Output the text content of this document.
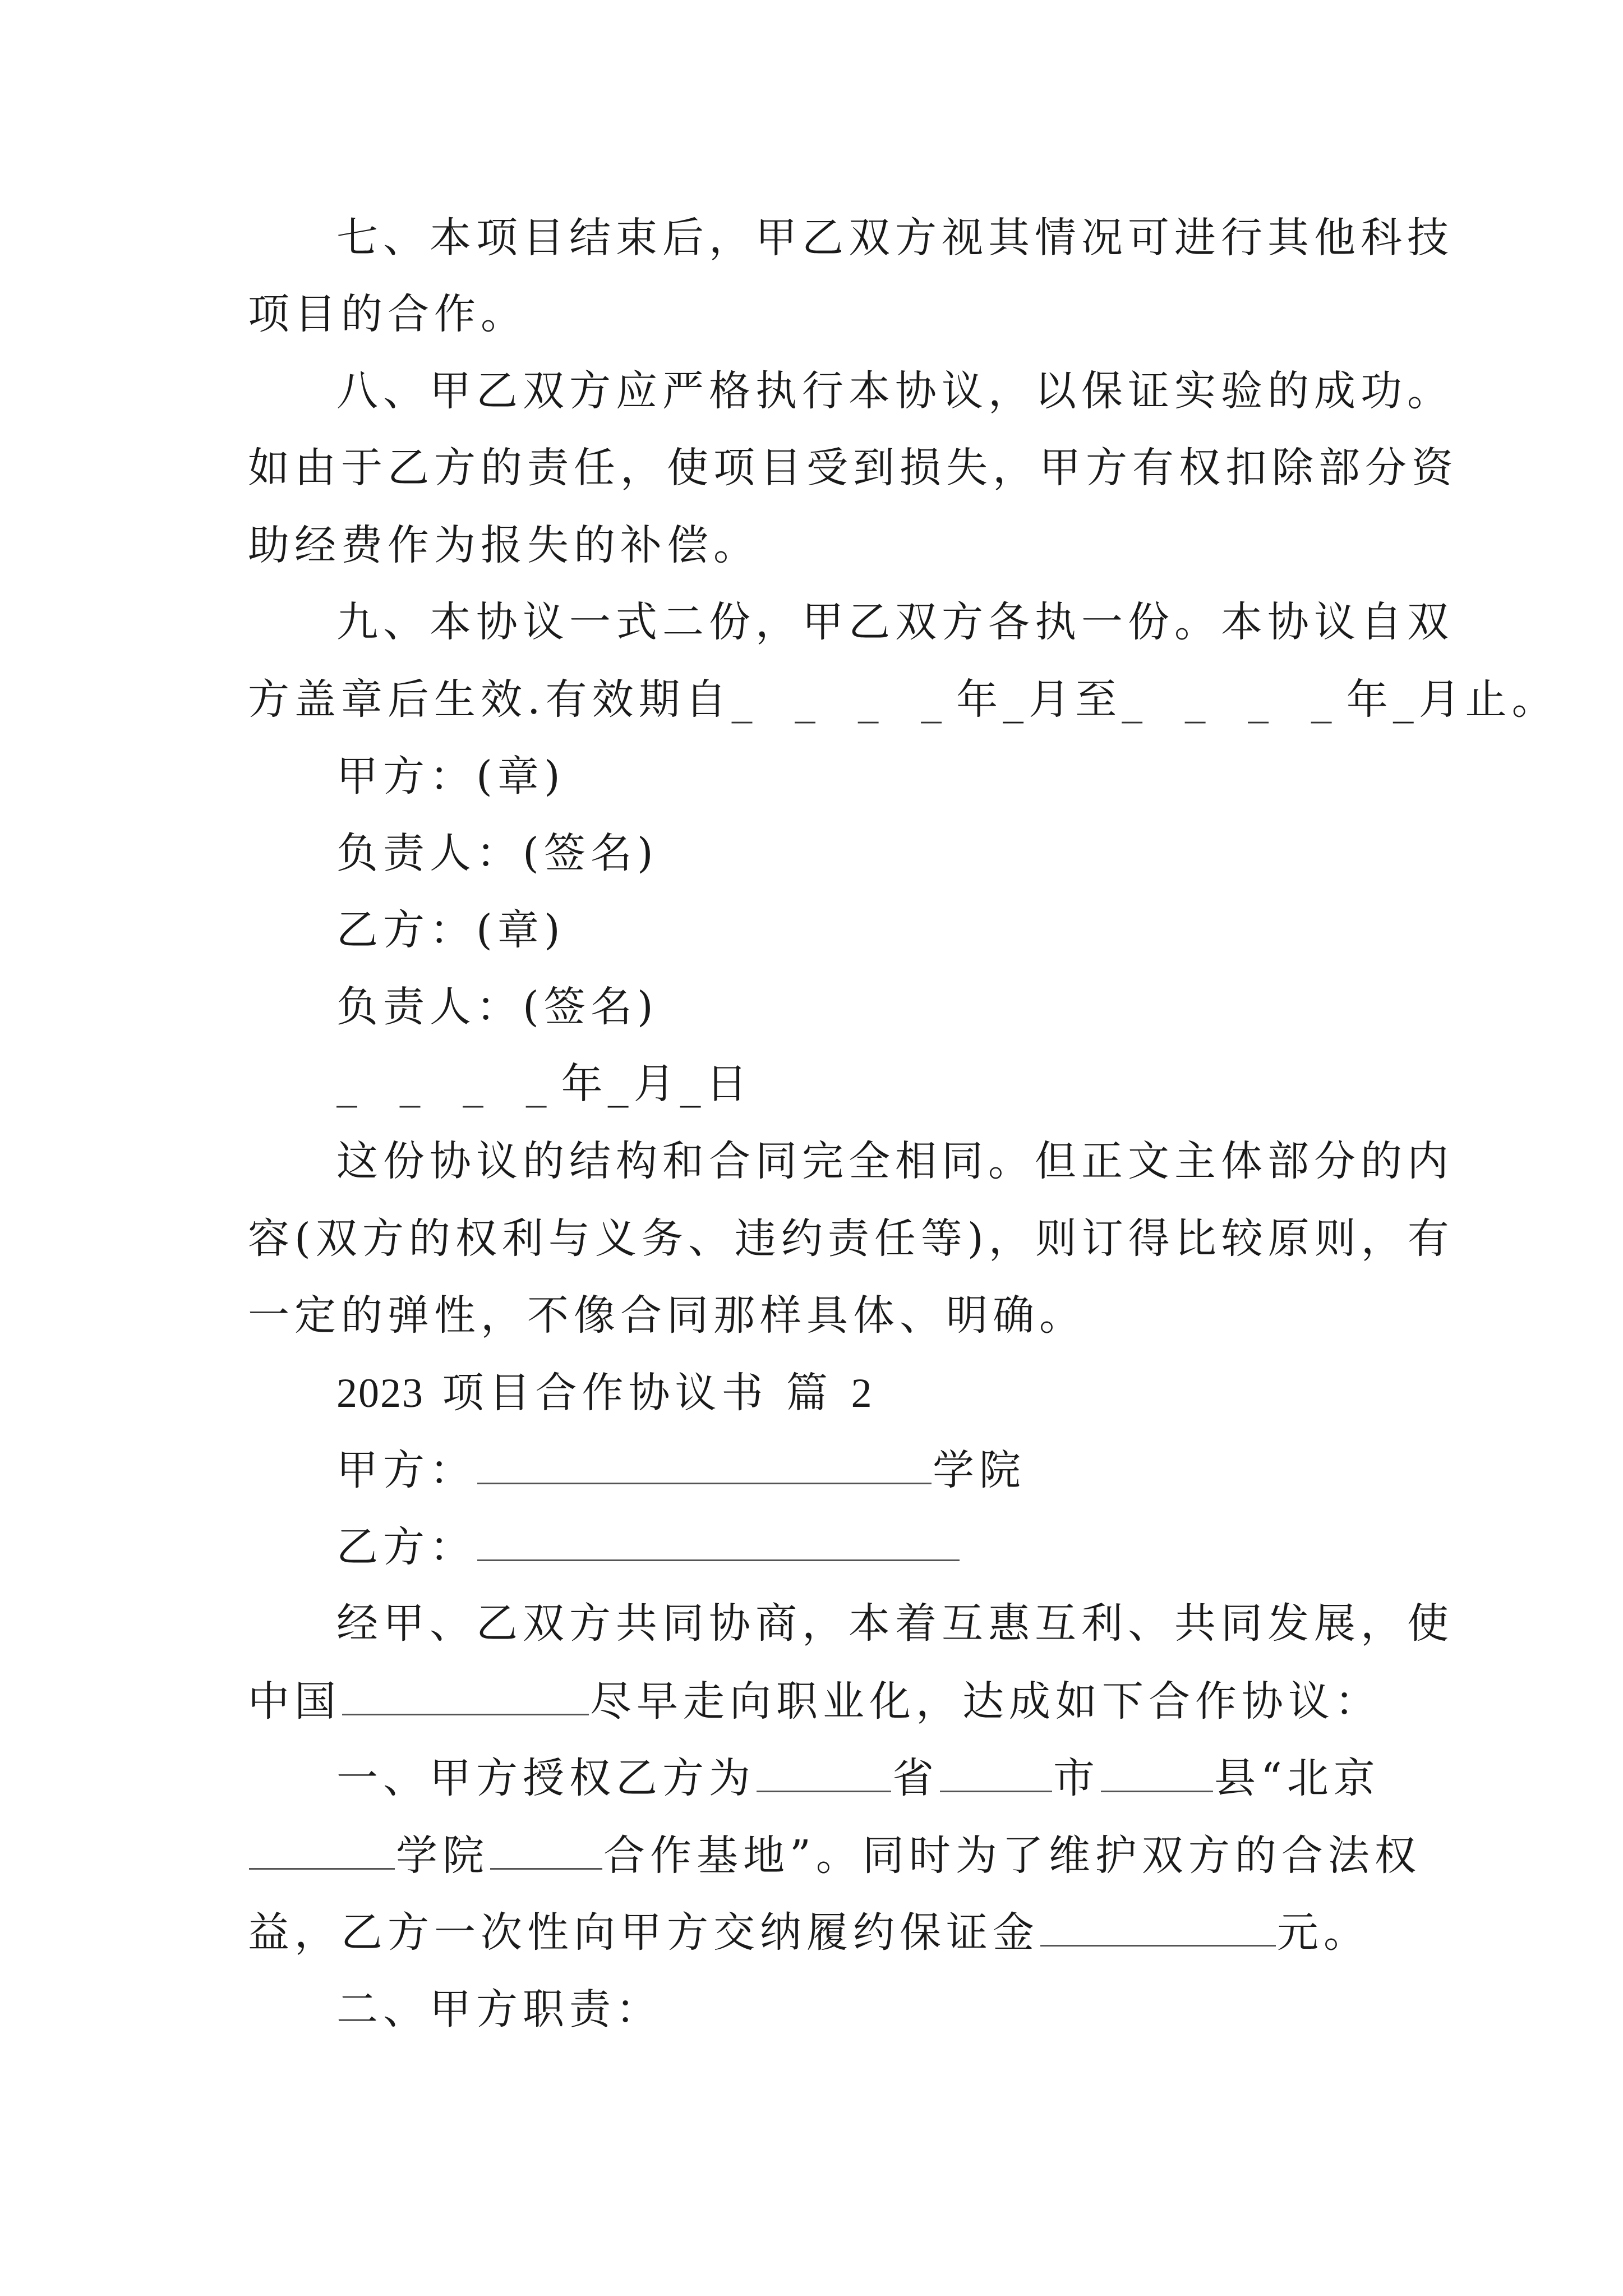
七、本项目结束后，甲乙双方视其情况可进行其他科技
项目的合作。
八、甲乙双方应严格执行本协议，以保证实验的成功。
如由于乙方的责任，使项目受到损失，甲方有权扣除部分资
助经费作为报失的补偿。
九、本协议一式二份，甲乙双方各执一份。本协议自双
方盖章后生效.有效期自_ _ _ _年_月至_ _ _ _年_月止。
甲方：(章)
负责人：(签名)
乙方：(章)
负责人：(签名)
_ _ _ _年_月_日
这份协议的结构和合同完全相同。但正文主体部分的内
容(双方的权利与义务、违约责任等)，则订得比较原则，有
一定的弹性，不像合同那样具体、明确。
2023 项目合作协议书 篇 2
甲方：	学院
乙方：
经甲、乙双方共同协商，本着互惠互利、共同发展，使
中国	尽早走向职业化，达成如下合作协议：
一、甲方授权乙方为	省	市	县“北京
学院	合作基地”。同时为了维护双方的合法权
益，乙方一次性向甲方交纳履约保证金	元。
二、甲方职责：
